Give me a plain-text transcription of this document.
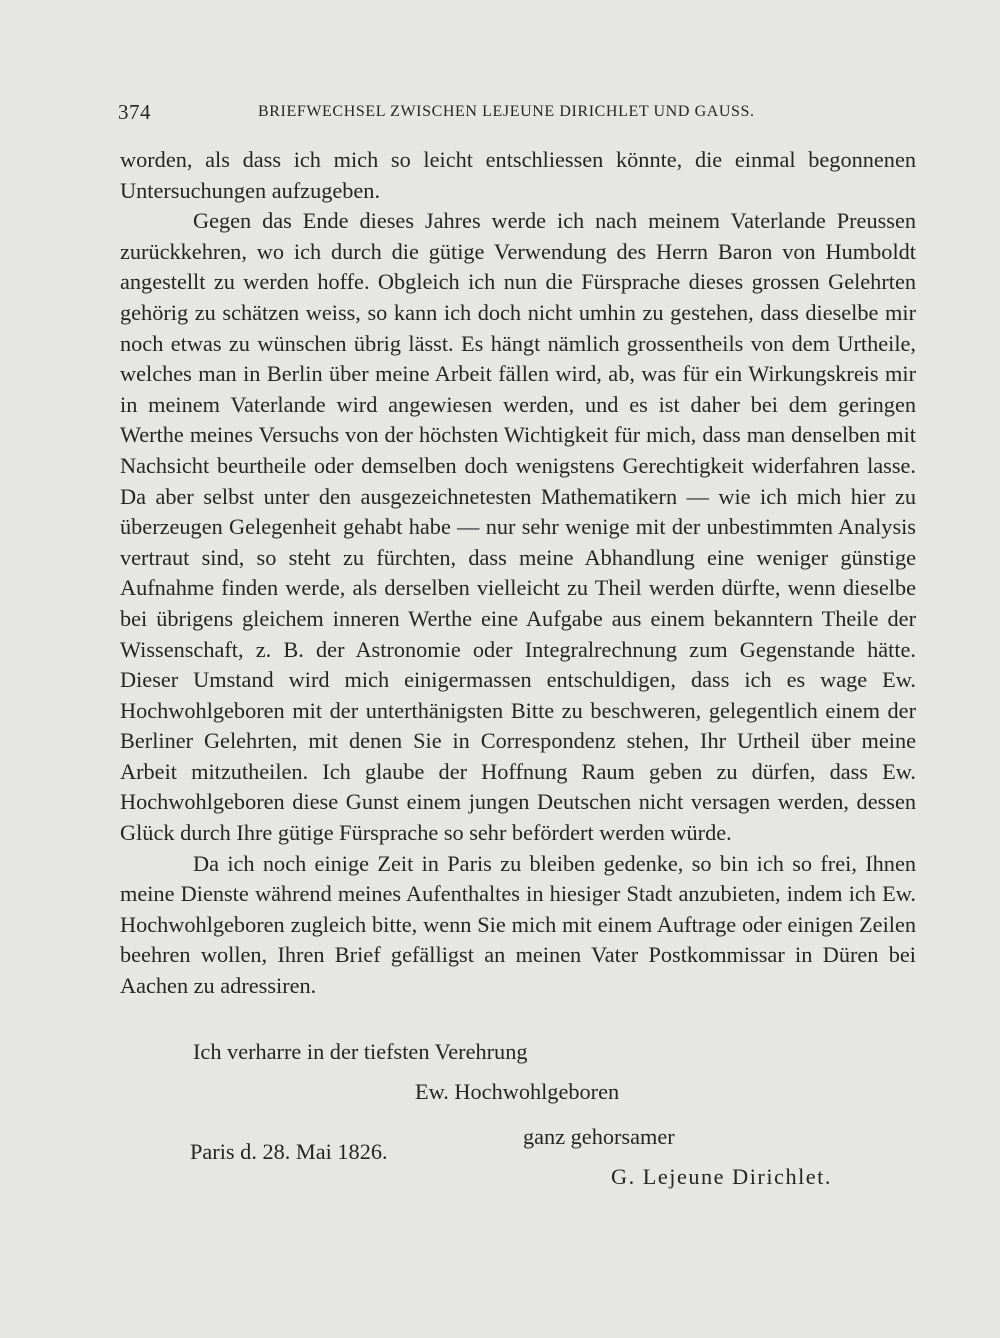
374	BRIEFWECHSEL ZWISCHEN LEJEUNE DIRICHLET UND GAUSS.

worden, als dass ich mich so leicht entschliessen könnte, die einmal begonnenen Untersuchungen aufzugeben.

Gegen das Ende dieses Jahres werde ich nach meinem Vaterlande Preussen zurückkehren, wo ich durch die gütige Verwendung des Herrn Baron von Humboldt angestellt zu werden hoffe. Obgleich ich nun die Fürsprache dieses grossen Gelehrten gehörig zu schätzen weiss, so kann ich doch nicht umhin zu gestehen, dass dieselbe mir noch etwas zu wünschen übrig lässt. Es hängt nämlich grossentheils von dem Urtheile, welches man in Berlin über meine Arbeit fällen wird, ab, was für ein Wirkungskreis mir in meinem Vaterlande wird angewiesen werden, und es ist daher bei dem geringen Werthe meines Versuchs von der höchsten Wichtigkeit für mich, dass man denselben mit Nachsicht beurtheile oder demselben doch wenigstens Gerechtigkeit widerfahren lasse. Da aber selbst unter den ausgezeichnetesten Mathematikern — wie ich mich hier zu überzeugen Gelegenheit gehabt habe — nur sehr wenige mit der unbestimmten Analysis vertraut sind, so steht zu fürchten, dass meine Abhandlung eine weniger günstige Aufnahme finden werde, als derselben vielleicht zu Theil werden dürfte, wenn dieselbe bei übrigens gleichem inneren Werthe eine Aufgabe aus einem bekanntern Theile der Wissenschaft, z. B. der Astronomie oder Integralrechnung zum Gegenstande hätte. Dieser Umstand wird mich einigermassen entschuldigen, dass ich es wage Ew. Hochwohlgeboren mit der unterthänigsten Bitte zu beschweren, gelegentlich einem der Berliner Gelehrten, mit denen Sie in Correspondenz stehen, Ihr Urtheil über meine Arbeit mitzutheilen. Ich glaube der Hoffnung Raum geben zu dürfen, dass Ew. Hochwohlgeboren diese Gunst einem jungen Deutschen nicht versagen werden, dessen Glück durch Ihre gütige Fürsprache so sehr befördert werden würde.

Da ich noch einige Zeit in Paris zu bleiben gedenke, so bin ich so frei, Ihnen meine Dienste während meines Aufenthaltes in hiesiger Stadt anzubieten, indem ich Ew. Hochwohlgeboren zugleich bitte, wenn Sie mich mit einem Auftrage oder einigen Zeilen beehren wollen, Ihren Brief gefälligst an meinen Vater Postkommissar in Düren bei Aachen zu adressiren.

Ich verharre in der tiefsten Verehrung
Ew. Hochwohlgeboren
ganz gehorsamer
Paris d. 28. Mai 1826.
G. Lejeune Dirichlet.
